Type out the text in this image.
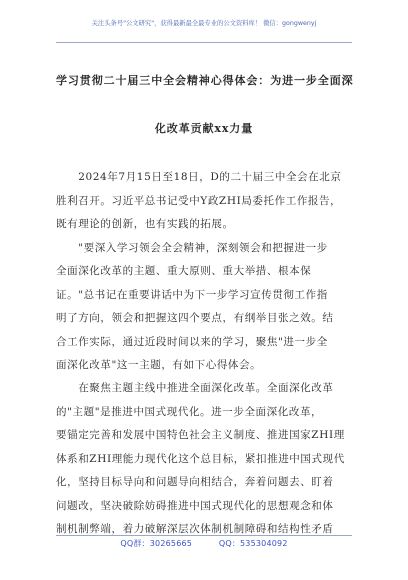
关注头条号"公文研究"，获得最新最全最专业的公文资料库！ 微信：gongwenyj
学习贯彻二十届三中全会精神心得体会：为进一步全面深
化改革贡献xx力量
　　2024年7月15日至18日，D的二十届三中全会在北京
胜利召开。习近平总书记受中Y政ZHI局委托作工作报告，
既有理论的创新，也有实践的拓展。
　　"要深入学习领会全会精神，深刻领会和把握进一步
全面深化改革的主题、重大原则、重大举措、根本保
证。"总书记在重要讲话中为下一步学习宣传贯彻工作指
明了方向，领会和把握这四个要点，有纲举目张之效。结
合工作实际，通过近段时间以来的学习，聚焦"进一步全
面深化改革"这一主题，有如下心得体会。
　　在聚焦主题主线中推进全面深化改革。全面深化改革
的"主题"是推进中国式现代化。进一步全面深化改革，
要锚定完善和发展中国特色社会主义制度、推进国家ZHI理
体系和ZHI理能力现代化这个总目标，紧扣推进中国式现代
化，坚持目标导向和问题导向相结合，奔着问题去、盯着
问题改，坚决破除妨碍推进中国式现代化的思想观念和体
制机制弊端，着力破解深层次体制机制障碍和结构性矛盾
QQ群：30265665	QQ：535304092
